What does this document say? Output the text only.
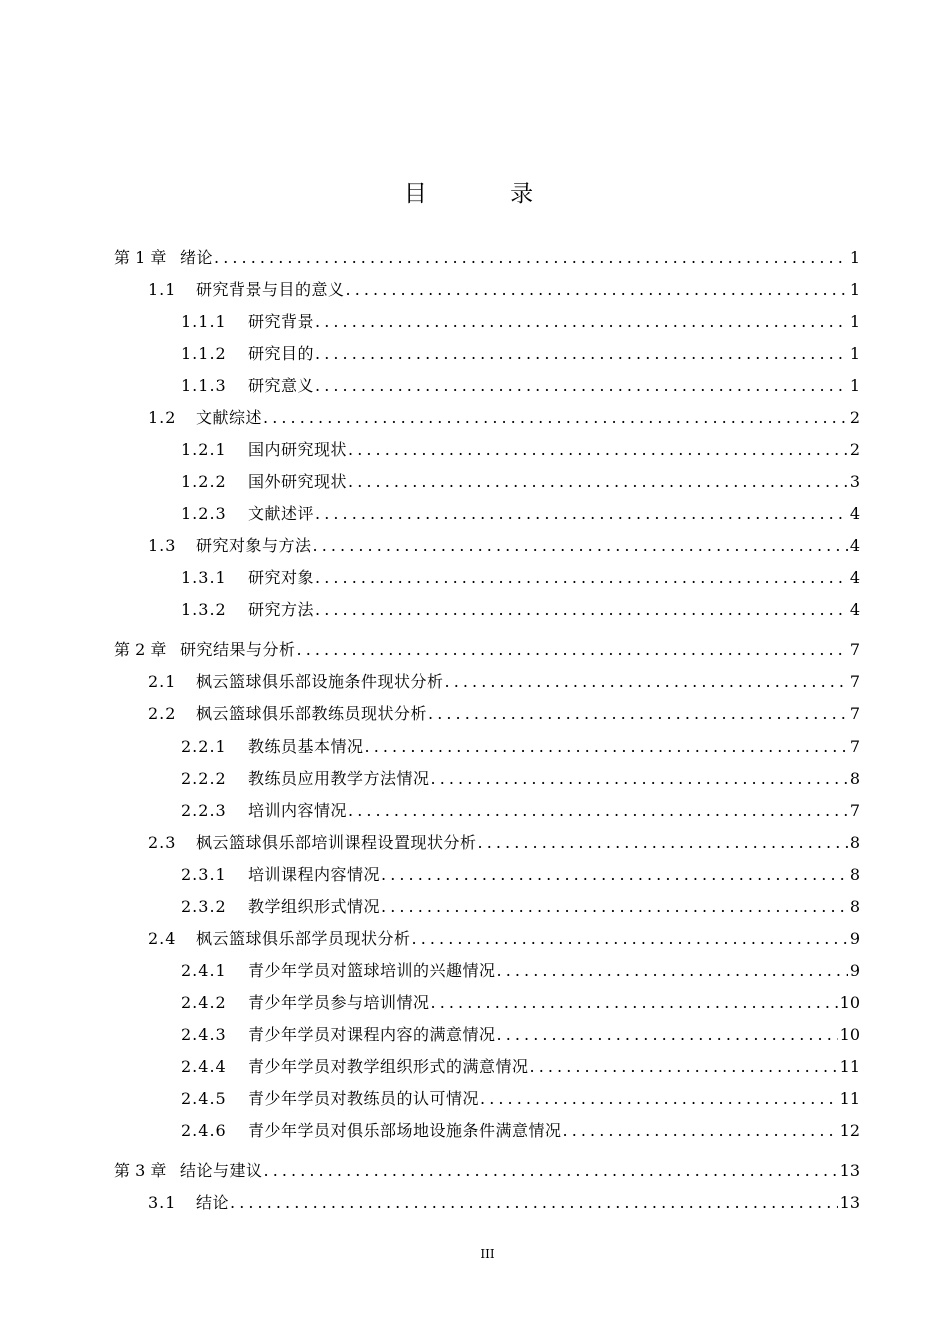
目 录
第 1 章 绪论 . . .	1
1.1	研究背景与目的意义 . . .	1
1.1.1	研究背景 . . .	1
1.1.2	研究目的 . . .	1
1.1.3	研究意义 . . .	1
1.2	文献综述 . . .	2
1.2.1	国内研究现状 . . .	2
1.2.2	国外研究现状 . . .	3
1.2.3	文献述评 . . .	4
1.3	研究对象与方法 . . .	4
1.3.1	研究对象 . . .	4
1.3.2	研究方法 . . .	4
第 2 章 研究结果与分析 . . .	7
2.1	枫云篮球俱乐部设施条件现状分析 . . .	7
2.2	枫云篮球俱乐部教练员现状分析 . . .	7
2.2.1	教练员基本情况 . . .	7
2.2.2	教练员应用教学方法情况 . . .	8
2.2.3	培训内容情况 . . .	7
2.3	枫云篮球俱乐部培训课程设置现状分析 . . .	8
2.3.1	培训课程内容情况 . . .	8
2.3.2	教学组织形式情况 . . .	8
2.4	枫云篮球俱乐部学员现状分析 . . .	9
2.4.1	青少年学员对篮球培训的兴趣情况 . . .	9
2.4.2	青少年学员参与培训情况 . . .	10
2.4.3	青少年学员对课程内容的满意情况 . . .	10
2.4.4	青少年学员对教学组织形式的满意情况 . . .	11
2.4.5	青少年学员对教练员的认可情况 . . .	11
2.4.6	青少年学员对俱乐部场地设施条件满意情况 . . .	12
第 3 章 结论与建议 . . .	13
3.1	结论 . . .	13
III
